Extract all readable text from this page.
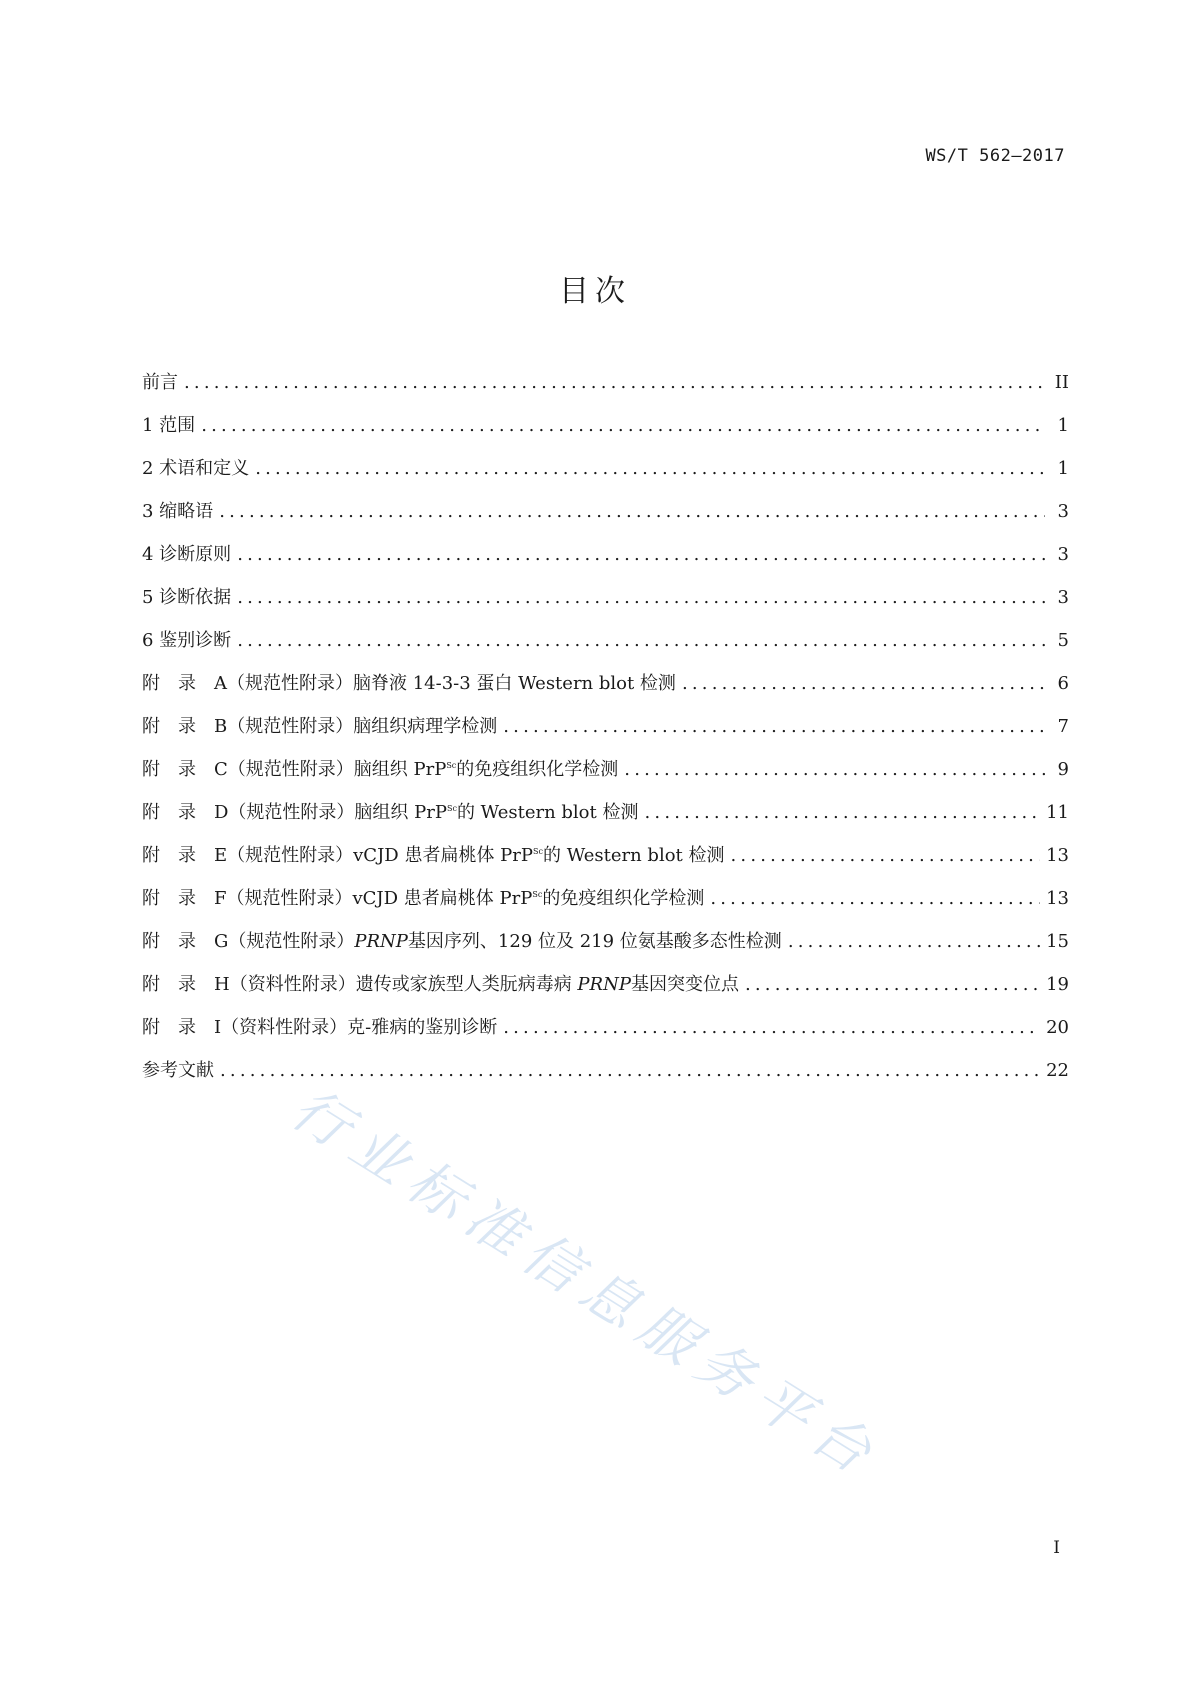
WS/T 562—2017
目次
前言 .....	II
1 范围 .....	1
2 术语和定义 .....	1
3 缩略语 .....	3
4 诊断原则 .....	3
5 诊断依据 .....	3
6 鉴别诊断 .....	5
附　录　A（规范性附录）脑脊液 14-3-3 蛋白 Western blot 检测 .....	6
附　录　B（规范性附录）脑组织病理学检测 .....	7
附　录　C（规范性附录）脑组织 PrP$^{Sc}$的免疫组织化学检测 .....	9
附　录　D（规范性附录）脑组织 PrP$^{Sc}$的 Western blot 检测 .....	11
附　录　E（规范性附录）vCJD 患者扁桃体 PrP$^{Sc}$的 Western blot 检测 .....	13
附　录　F（规范性附录）vCJD 患者扁桃体 PrP$^{Sc}$的免疫组织化学检测 .....	13
附　录　G（规范性附录）PRNP基因序列、129 位及 219 位氨基酸多态性检测 .....	15
附　录　H（资料性附录）遗传或家族型人类朊病毒病 PRNP基因突变位点 .....	19
附　录　I（资料性附录）克-雅病的鉴别诊断 .....	20
参考文献 .....	22
行业标准信息服务平台
I
